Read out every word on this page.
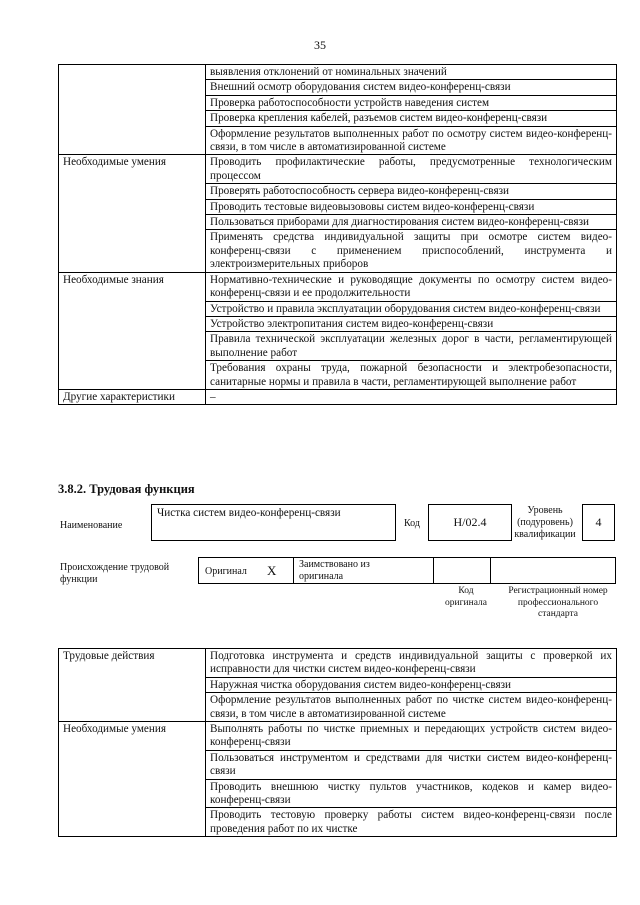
35
	выявления отклонений от номинальных значений
	Внешний осмотр оборудования систем видео-конференц-связи
	Проверка работоспособности устройств наведения систем
	Проверка крепления кабелей, разъемов систем видео-конференц-связи
	Оформление результатов выполненных работ по осмотру систем видео-конференц-связи, в том числе в автоматизированной системе
Необходимые умения	Проводить профилактические работы, предусмотренные технологическим процессом
	Проверять работоспособность сервера видео-конференц-связи
	Проводить тестовые видеовызововы систем видео-конференц-связи
	Пользоваться приборами для диагностирования систем видео-конференц-связи
	Применять средства индивидуальной защиты при осмотре систем видео-конференц-связи с применением приспособлений, инструмента и электроизмерительных приборов
Необходимые знания	Нормативно-технические и руководящие документы по осмотру систем видео-конференц-связи и ее продолжительности
	Устройство и правила эксплуатации оборудования систем видео-конференц-связи
	Устройство электропитания систем видео-конференц-связи
	Правила технической эксплуатации железных дорог в части, регламентирующей выполнение работ
	Требования охраны труда, пожарной безопасности и электробезопасности, санитарные нормы и правила в части, регламентирующей выполнение работ
Другие характеристики	–
3.8.2. Трудовая функция
Наименование
Чистка систем видео-конференц-связи
Код	Н/02.4
Уровень (подуровень) квалификации
4
Происхождение трудовой функции
Оригинал X Заимствовано из оригинала
Код оригинала
Регистрационный номер профессионального стандарта
Трудовые действия	Подготовка инструмента и средств индивидуальной защиты с проверкой их исправности для чистки систем видео-конференц-связи
	Наружная чистка оборудования систем видео-конференц-связи
	Оформление результатов выполненных работ по чистке систем видео-конференц-связи, в том числе в автоматизированной системе
Необходимые умения	Выполнять работы по чистке приемных и передающих устройств систем видео-конференц-связи
	Пользоваться инструментом и средствами для чистки систем видео-конференц-связи
	Проводить внешнюю чистку пультов участников, кодеков и камер видео-конференц-связи
	Проводить тестовую проверку работы систем видео-конференц-связи после проведения работ по их чистке
